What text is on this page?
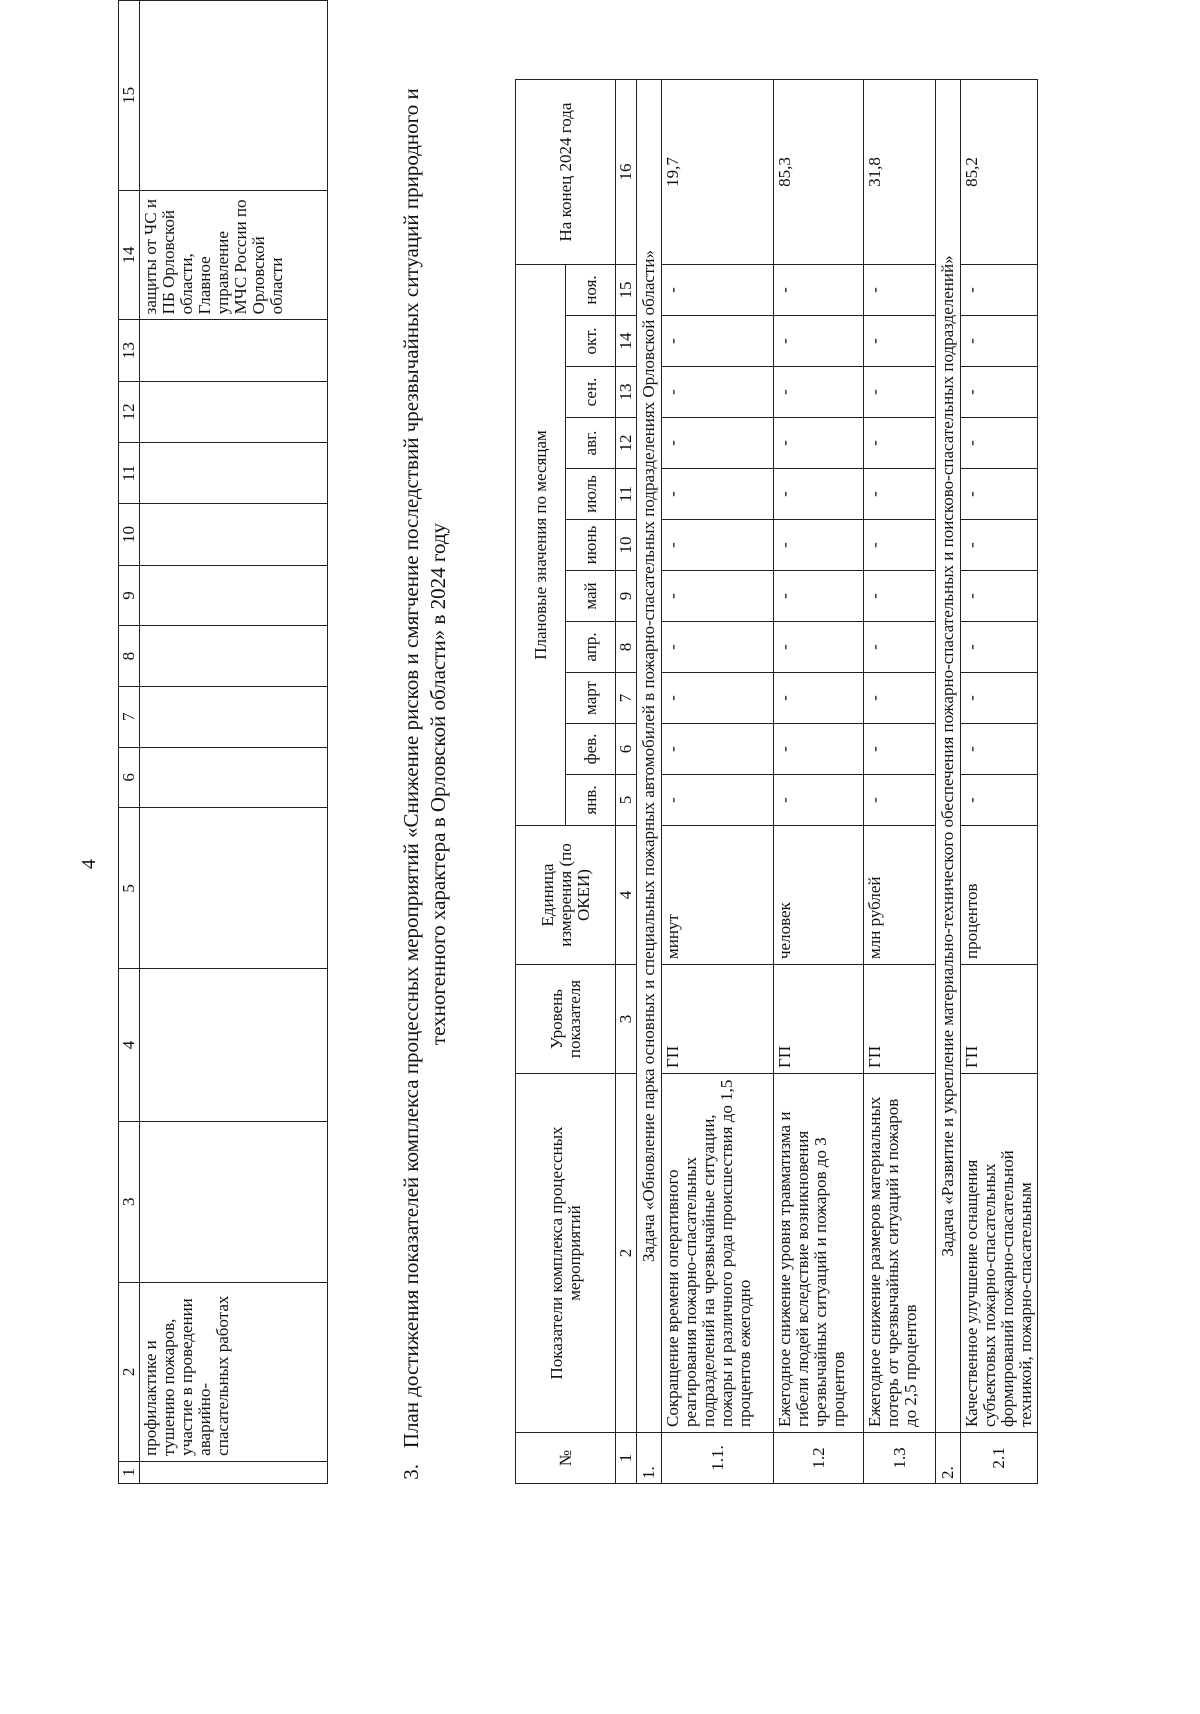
4
1	2	3	4	5	6	7	8	9	10	11	12	13	14	15
	профилактике и тушению пожаров, участие в проведении аварийно-спасательных работах												защиты от ЧС и ПБ Орловской области, Главное управление МЧС России по Орловской области	
3.   План достижения показателей комплекса процессных мероприятий «Снижение рисков и смягчение последствий чрезвычайных ситуаций природного и техногенного характера в Орловской области» в 2024 году
№	Показатели комплекса процессных мероприятий	Уровень показателя	Единица измерения (по ОКЕИ)	Плановые значения по месяцам											На конец 2024 года
				янв.	фев.	март	апр.	май	июнь	июль	авг.	сен.	окт.	ноя.	
1	2	3	4	5	6	7	8	9	10	11	12	13	14	15	16
1.	Задача «Обновление парка основных и специальных пожарных автомобилей в пожарно-спасательных подразделениях Орловской области»														
1.1.	Сокращение времени оперативного реагирования пожарно-спасательных подразделений на чрезвычайные ситуации, пожары и различного рода происшествия до 1,5 процентов ежегодно	ГП	минут	-	-	-	-	-	-	-	-	-	-	-	19,7
1.2	Ежегодное снижение уровня травматизма и гибели людей вследствие возникновения чрезвычайных ситуаций и пожаров до 3 процентов	ГП	человек	-	-	-	-	-	-	-	-	-	-	-	85,3
1.3	Ежегодное снижение размеров материальных потерь от чрезвычайных ситуаций и пожаров до 2,5 процентов	ГП	млн рублей	-	-	-	-	-	-	-	-	-	-	-	31,8
2.	Задача «Развитие и укрепление материально-технического обеспечения пожарно-спасательных и поисково-спасательных подразделений»														
2.1	Качественное улучшение оснащения субъектовых пожарно-спасательных формирований пожарно-спасательной техникой, пожарно-спасательным	ГП	процентов	-	-	-	-	-	-	-	-	-	-	-	85,2
